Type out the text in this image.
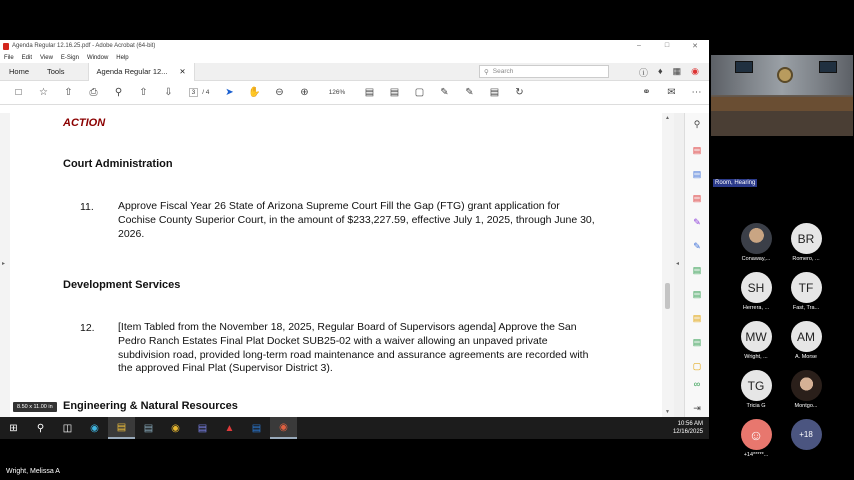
Agenda Regular 12.16.25.pdf - Adobe Acrobat (64-bit)	–	□	✕
File Edit View E-Sign Window Help
Home	Tools	Agenda Regular 12... ✕	⚲ Search	ⓘ ♦ ▦ ◉
□	☆	⇧	⎙	⚲	⇧	⇩	3	/ 4	➤	✋	⊖	⊕	126%	▤	▤	▢	✎	✎	▤	↻	⚭	✉	⋯
▸
ACTION
Court Administration
11. Approve Fiscal Year 26 State of Arizona Supreme Court Fill the Gap (FTG) grant application for Cochise County Superior Court, in the amount of $233,227.59, effective July 1, 2025, through June 30, 2026.
Development Services
12. [Item Tabled from the November 18, 2025, Regular Board of Supervisors agenda] Approve the San Pedro Ranch Estates Final Plat Docket SUB25-02 with a waiver allowing an unpaved private subdivision road, provided long-term road maintenance and assurance agreements are recorded with the approved Final Plat (Supervisor District 3).
Engineering & Natural Resources
▲
▼
◂
⚲
▤
▤
▤
✎
✎
▤
▤
▤
▤
▢
∞
⇥
8.50 x 11.00 in
⊞	⚲	◫	◉	▤	▤	◉	▤	▲	▤	◉	10:56 AM
12/16/2025
Wright, Melissa A
Room, Hearing
Conaway,...
BR
Romero, ...
SH
Herrera, ...
TF
Fast, Tra...
MW
Wright, ...
AM
A. Morse
TG
Tricia G	Montgo...
☺
+14*****...
+18
